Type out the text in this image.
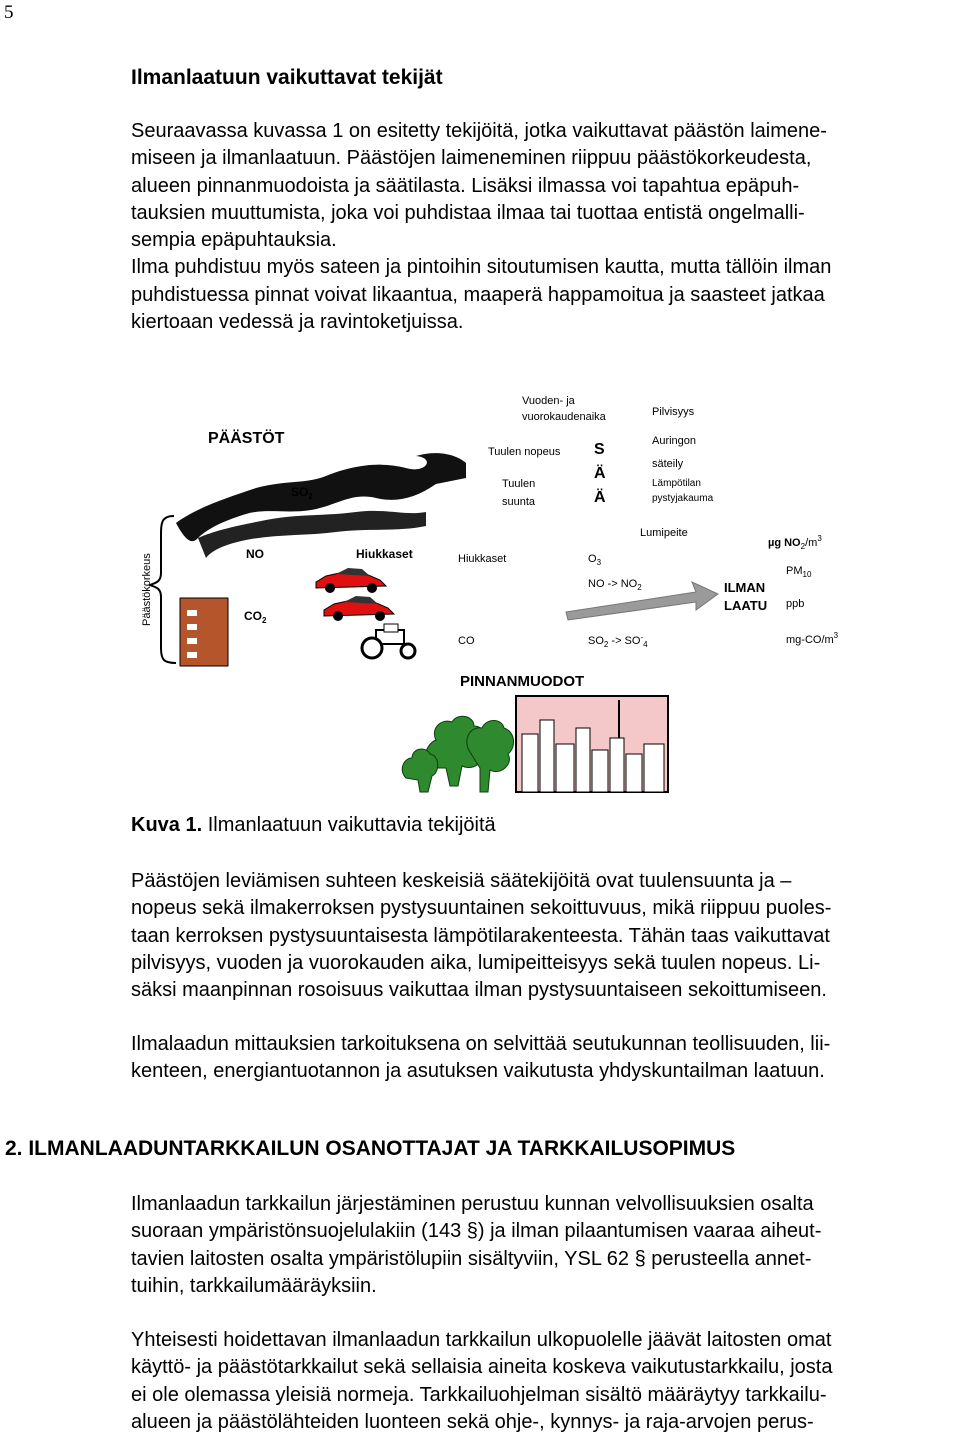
5
Ilmanlaatuun vaikuttavat tekijät

Seuraavassa kuvassa 1 on esitetty tekijöitä, jotka vaikuttavat päästön laimene-
miseen ja ilmanlaatuun. Päästöjen laimeneminen riippuu päästökorkeudesta,
alueen pinnanmuodoista ja säätilasta. Lisäksi ilmassa voi tapahtua epäpuh-
tauksien muuttumista, joka voi puhdistaa ilmaa tai tuottaa entistä ongelmalli-
sempia epäpuhtauksia.
Ilma puhdistuu myös sateen ja pintoihin sitoutumisen kautta, mutta tällöin ilman
puhdistuessa pinnat voivat likaantua, maaperä happamoitua ja saasteet jatkaa
kiertoaan vedessä ja ravintoketjuissa.

Päästökorkeus
PÄÄSTÖT
$SO_2$
NO
$CO_2$
Hiukkaset
Vuoden- ja
vuorokaudenaika
Tuulen nopeus
Tuulen
suunta
S
Ä
Ä
Pilvisyys
Auringon
säteily
Lämpötilan
pystyjakauma
Lumipeite
Hiukkaset	$O_3$
NO -> $NO_2$
CO	$SO_2 -> SO^-_4$
ILMAN
LAATU
µg $NO_2/m^3$
$PM_{10}$
ppb
$mg-CO/m^3$
PINNANMUODOT

Kuva 1. Ilmanlaatuun vaikuttavia tekijöitä

Päästöjen leviämisen suhteen keskeisiä säätekijöitä ovat tuulensuunta ja –
nopeus sekä ilmakerroksen pystysuuntainen sekoittuvuus, mikä riippuu puoles-
taan kerroksen pystysuuntaisesta lämpötilarakenteesta. Tähän taas vaikuttavat
pilvisyys, vuoden ja vuorokauden aika, lumipeitteisyys sekä tuulen nopeus. Li-
säksi maanpinnan rosoisuus vaikuttaa ilman pystysuuntaiseen sekoittumiseen.

Ilmalaadun mittauksien tarkoituksena on selvittää seutukunnan teollisuuden, lii-
kenteen, energiantuotannon ja asutuksen vaikutusta yhdyskuntailman laatuun.

2. ILMANLAADUNTARKKAILUN OSANOTTAJAT JA TARKKAILUSOPIMUS

Ilmanlaadun tarkkailun järjestäminen perustuu kunnan velvollisuuksien osalta
suoraan ympäristönsuojelulakiin (143 §) ja ilman pilaantumisen vaaraa aiheut-
tavien laitosten osalta ympäristölupiin sisältyviin, YSL 62 § perusteella annet-
tuihin, tarkkailumääräyksiin.

Yhteisesti hoidettavan ilmanlaadun tarkkailun ulkopuolelle jäävät laitosten omat
käyttö- ja päästötarkkailut sekä sellaisia aineita koskeva vaikutustarkkailu, josta
ei ole olemassa yleisiä normeja. Tarkkailuohjelman sisältö määräytyy tarkkailu-
alueen ja päästölähteiden luonteen sekä ohje-, kynnys- ja raja-arvojen perus-
